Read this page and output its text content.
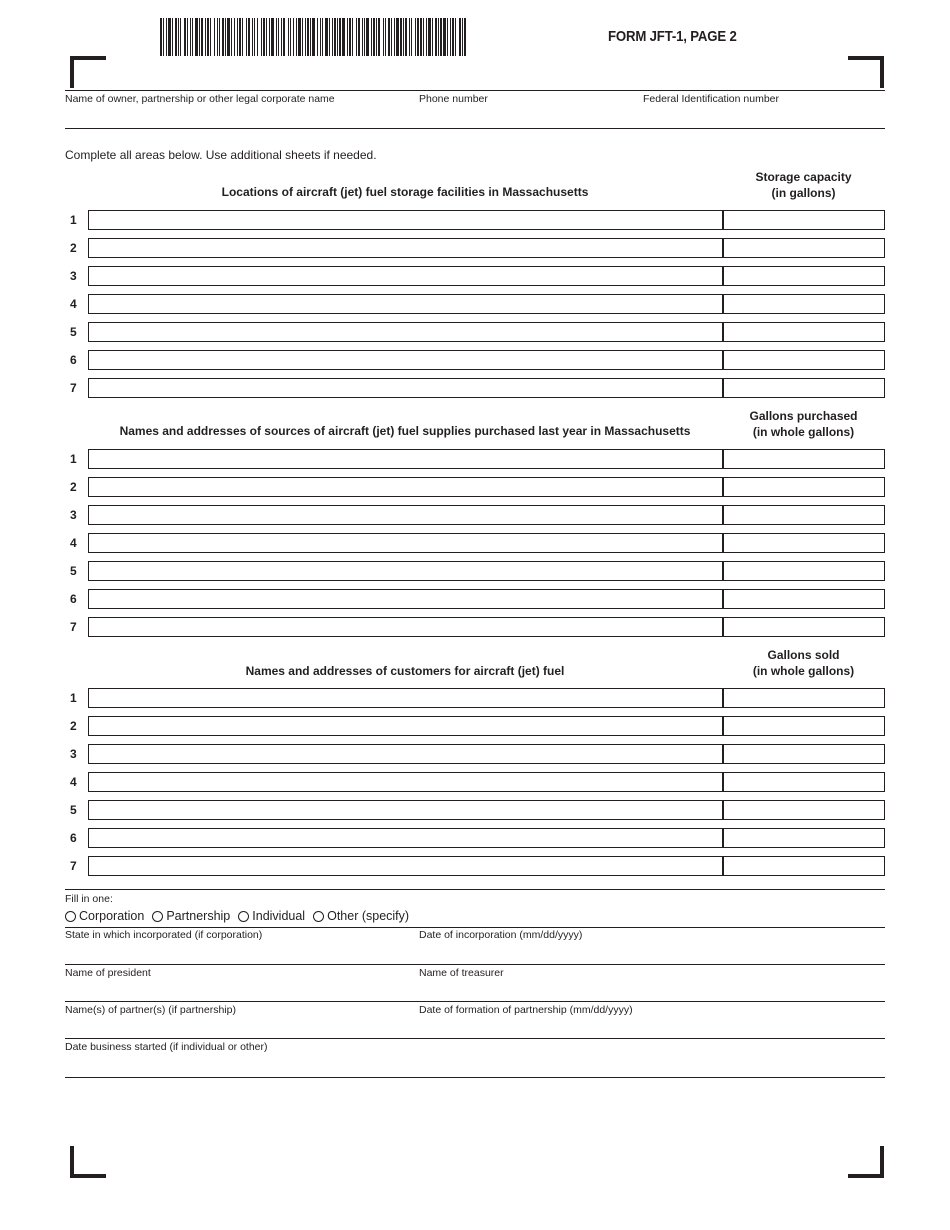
FORM JFT-1, PAGE 2
Name of owner, partnership or other legal corporate name	Phone number	Federal Identification number
Complete all areas below. Use additional sheets if needed.
Locations of aircraft (jet) fuel storage facilities in Massachusetts
Storage capacity
(in gallons)
1
2
3
4
5
6
7
Names and addresses of sources of aircraft (jet) fuel supplies purchased last year in Massachusetts
Gallons purchased
(in whole gallons)
1
2
3
4
5
6
7
Names and addresses of customers for aircraft (jet) fuel
Gallons sold
(in whole gallons)
1
2
3
4
5
6
7
Fill in one:
Corporation Partnership Individual Other (specify)
State in which incorporated (if corporation)	Date of incorporation (mm/dd/yyyy)
Name of president	Name of treasurer
Name(s) of partner(s) (if partnership)	Date of formation of partnership (mm/dd/yyyy)
Date business started (if individual or other)
